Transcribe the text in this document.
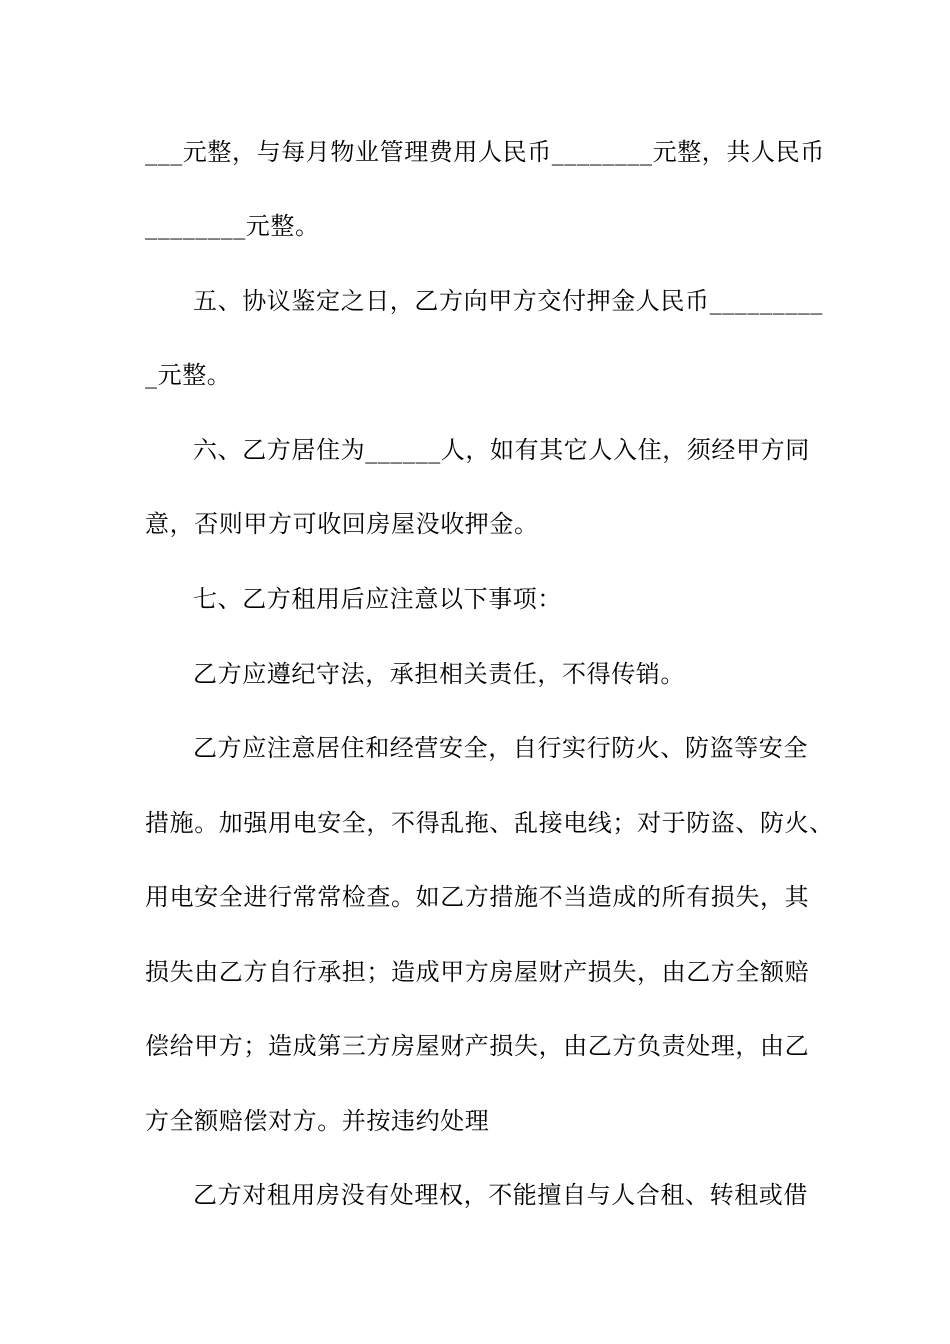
___元整，与每月物业管理费用人民币________元整，共人民币
________元整。
五、协议鉴定之日，乙方向甲方交付押金人民币_________
_元整。
六、乙方居住为______人，如有其它人入住，须经甲方同
意，否则甲方可收回房屋没收押金。
七、乙方租用后应注意以下事项：
乙方应遵纪守法，承担相关责任，不得传销。
乙方应注意居住和经营安全，自行实行防火、防盗等安全
措施。加强用电安全，不得乱拖、乱接电线；对于防盗、防火、
用电安全进行常常检查。如乙方措施不当造成的所有损失，其
损失由乙方自行承担；造成甲方房屋财产损失，由乙方全额赔
偿给甲方；造成第三方房屋财产损失，由乙方负责处理，由乙
方全额赔偿对方。并按违约处理
乙方对租用房没有处理权，不能擅自与人合租、转租或借
